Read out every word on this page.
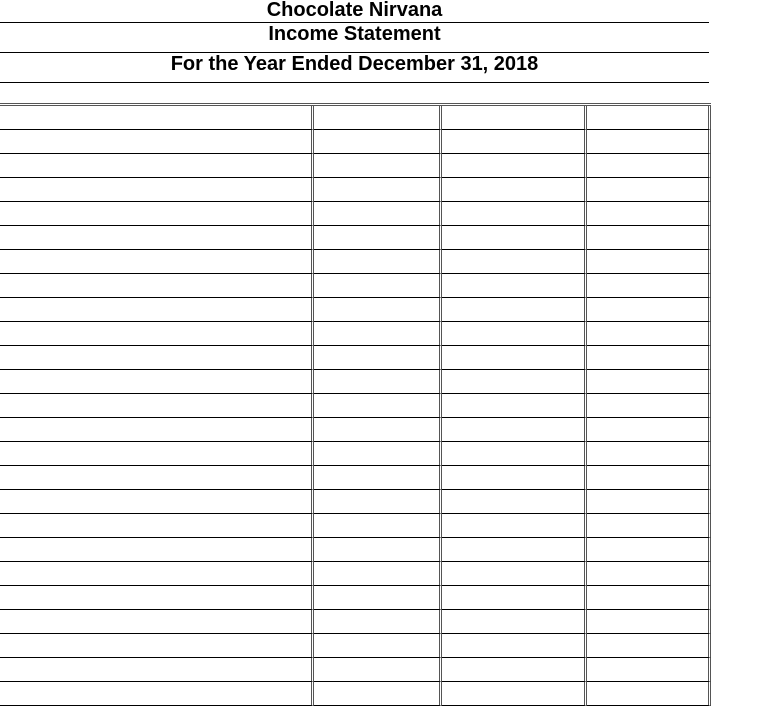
Chocolate Nirvana
Income Statement
For the Year Ended December 31, 2018
